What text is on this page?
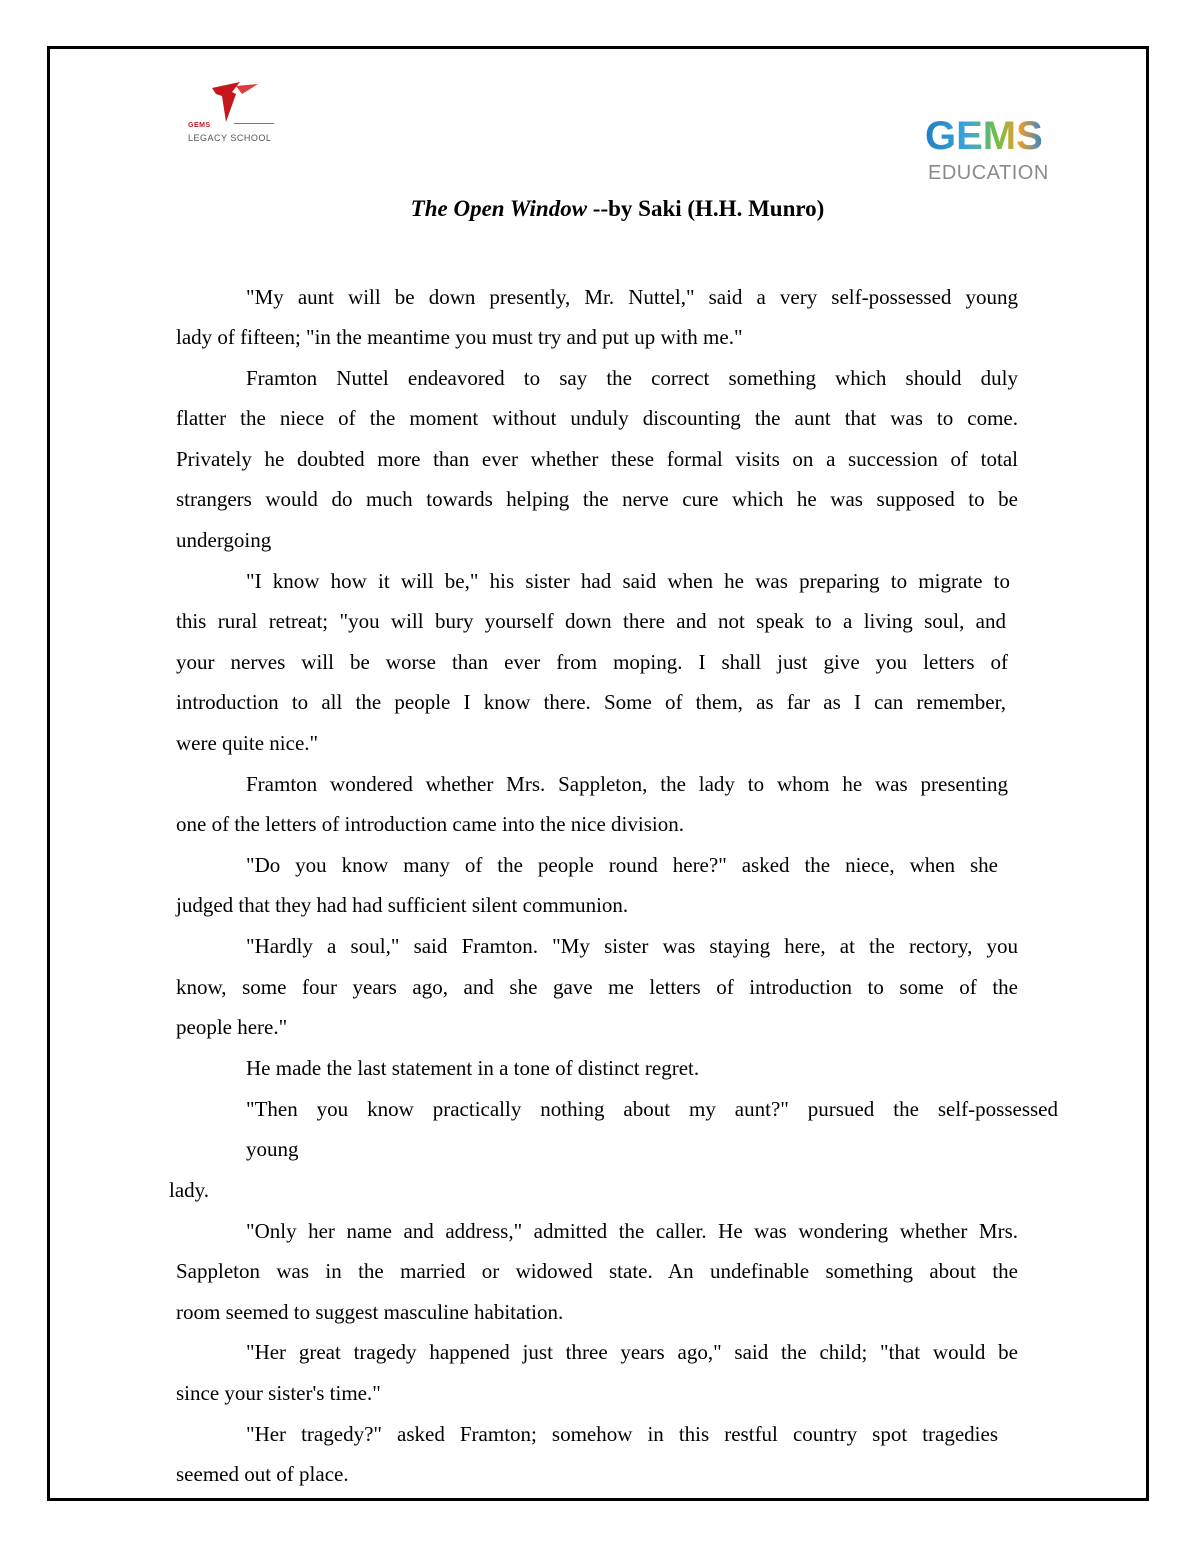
GEMS
LEGACY SCHOOL	GEMS
EDUCATION
The Open Window --by Saki (H.H. Munro)
"My aunt will be down presently, Mr. Nuttel," said a very self-possessed young
lady of fifteen; "in the meantime you must try and put up with me."
Framton Nuttel endeavored to say the correct something which should duly
flatter the niece of the moment without unduly discounting the aunt that was to come.
Privately he doubted more than ever whether these formal visits on a succession of total
strangers would do much towards helping the nerve cure which he was supposed to be
undergoing
"I know how it will be," his sister had said when he was preparing to migrate to
this rural retreat; "you will bury yourself down there and not speak to a living soul, and
your nerves will be worse than ever from moping. I shall just give you letters of
introduction to all the people I know there. Some of them, as far as I can remember,
were quite nice."
Framton wondered whether Mrs. Sappleton, the lady to whom he was presenting
one of the letters of introduction came into the nice division.
"Do you know many of the people round here?" asked the niece, when she
judged that they had had sufficient silent communion.
"Hardly a soul," said Framton. "My sister was staying here, at the rectory, you
know, some four years ago, and she gave me letters of introduction to some of the
people here."
He made the last statement in a tone of distinct regret.
"Then you know practically nothing about my aunt?" pursued the self-possessed
young
lady.
"Only her name and address," admitted the caller. He was wondering whether Mrs.
Sappleton was in the married or widowed state. An undefinable something about the
room seemed to suggest masculine habitation.
"Her great tragedy happened just three years ago," said the child; "that would be
since your sister's time."
"Her tragedy?" asked Framton; somehow in this restful country spot tragedies
seemed out of place.
